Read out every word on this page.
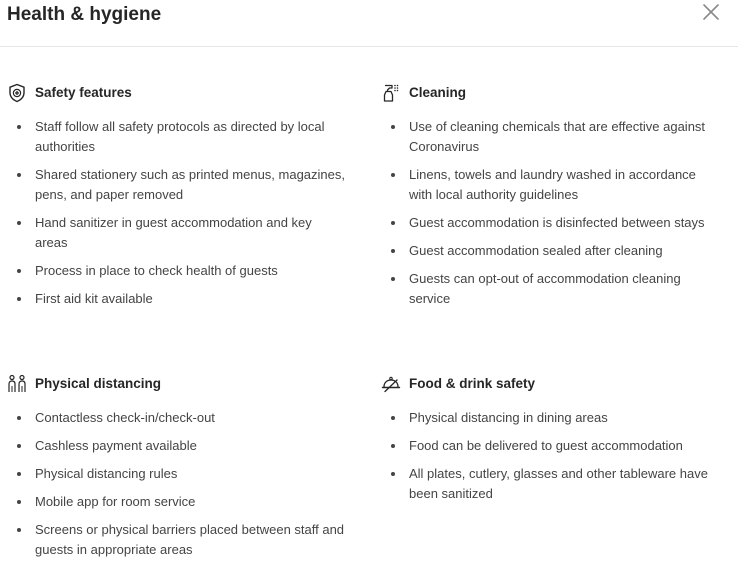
Health & hygiene
Safety features
Staff follow all safety protocols as directed by local authorities
Shared stationery such as printed menus, magazines, pens, and paper removed
Hand sanitizer in guest accommodation and key areas
Process in place to check health of guests
First aid kit available
Cleaning
Use of cleaning chemicals that are effective against Coronavirus
Linens, towels and laundry washed in accordance with local authority guidelines
Guest accommodation is disinfected between stays
Guest accommodation sealed after cleaning
Guests can opt-out of accommodation cleaning service
Physical distancing
Contactless check-in/check-out
Cashless payment available
Physical distancing rules
Mobile app for room service
Screens or physical barriers placed between staff and guests in appropriate areas
Food & drink safety
Physical distancing in dining areas
Food can be delivered to guest accommodation
All plates, cutlery, glasses and other tableware have been sanitized
